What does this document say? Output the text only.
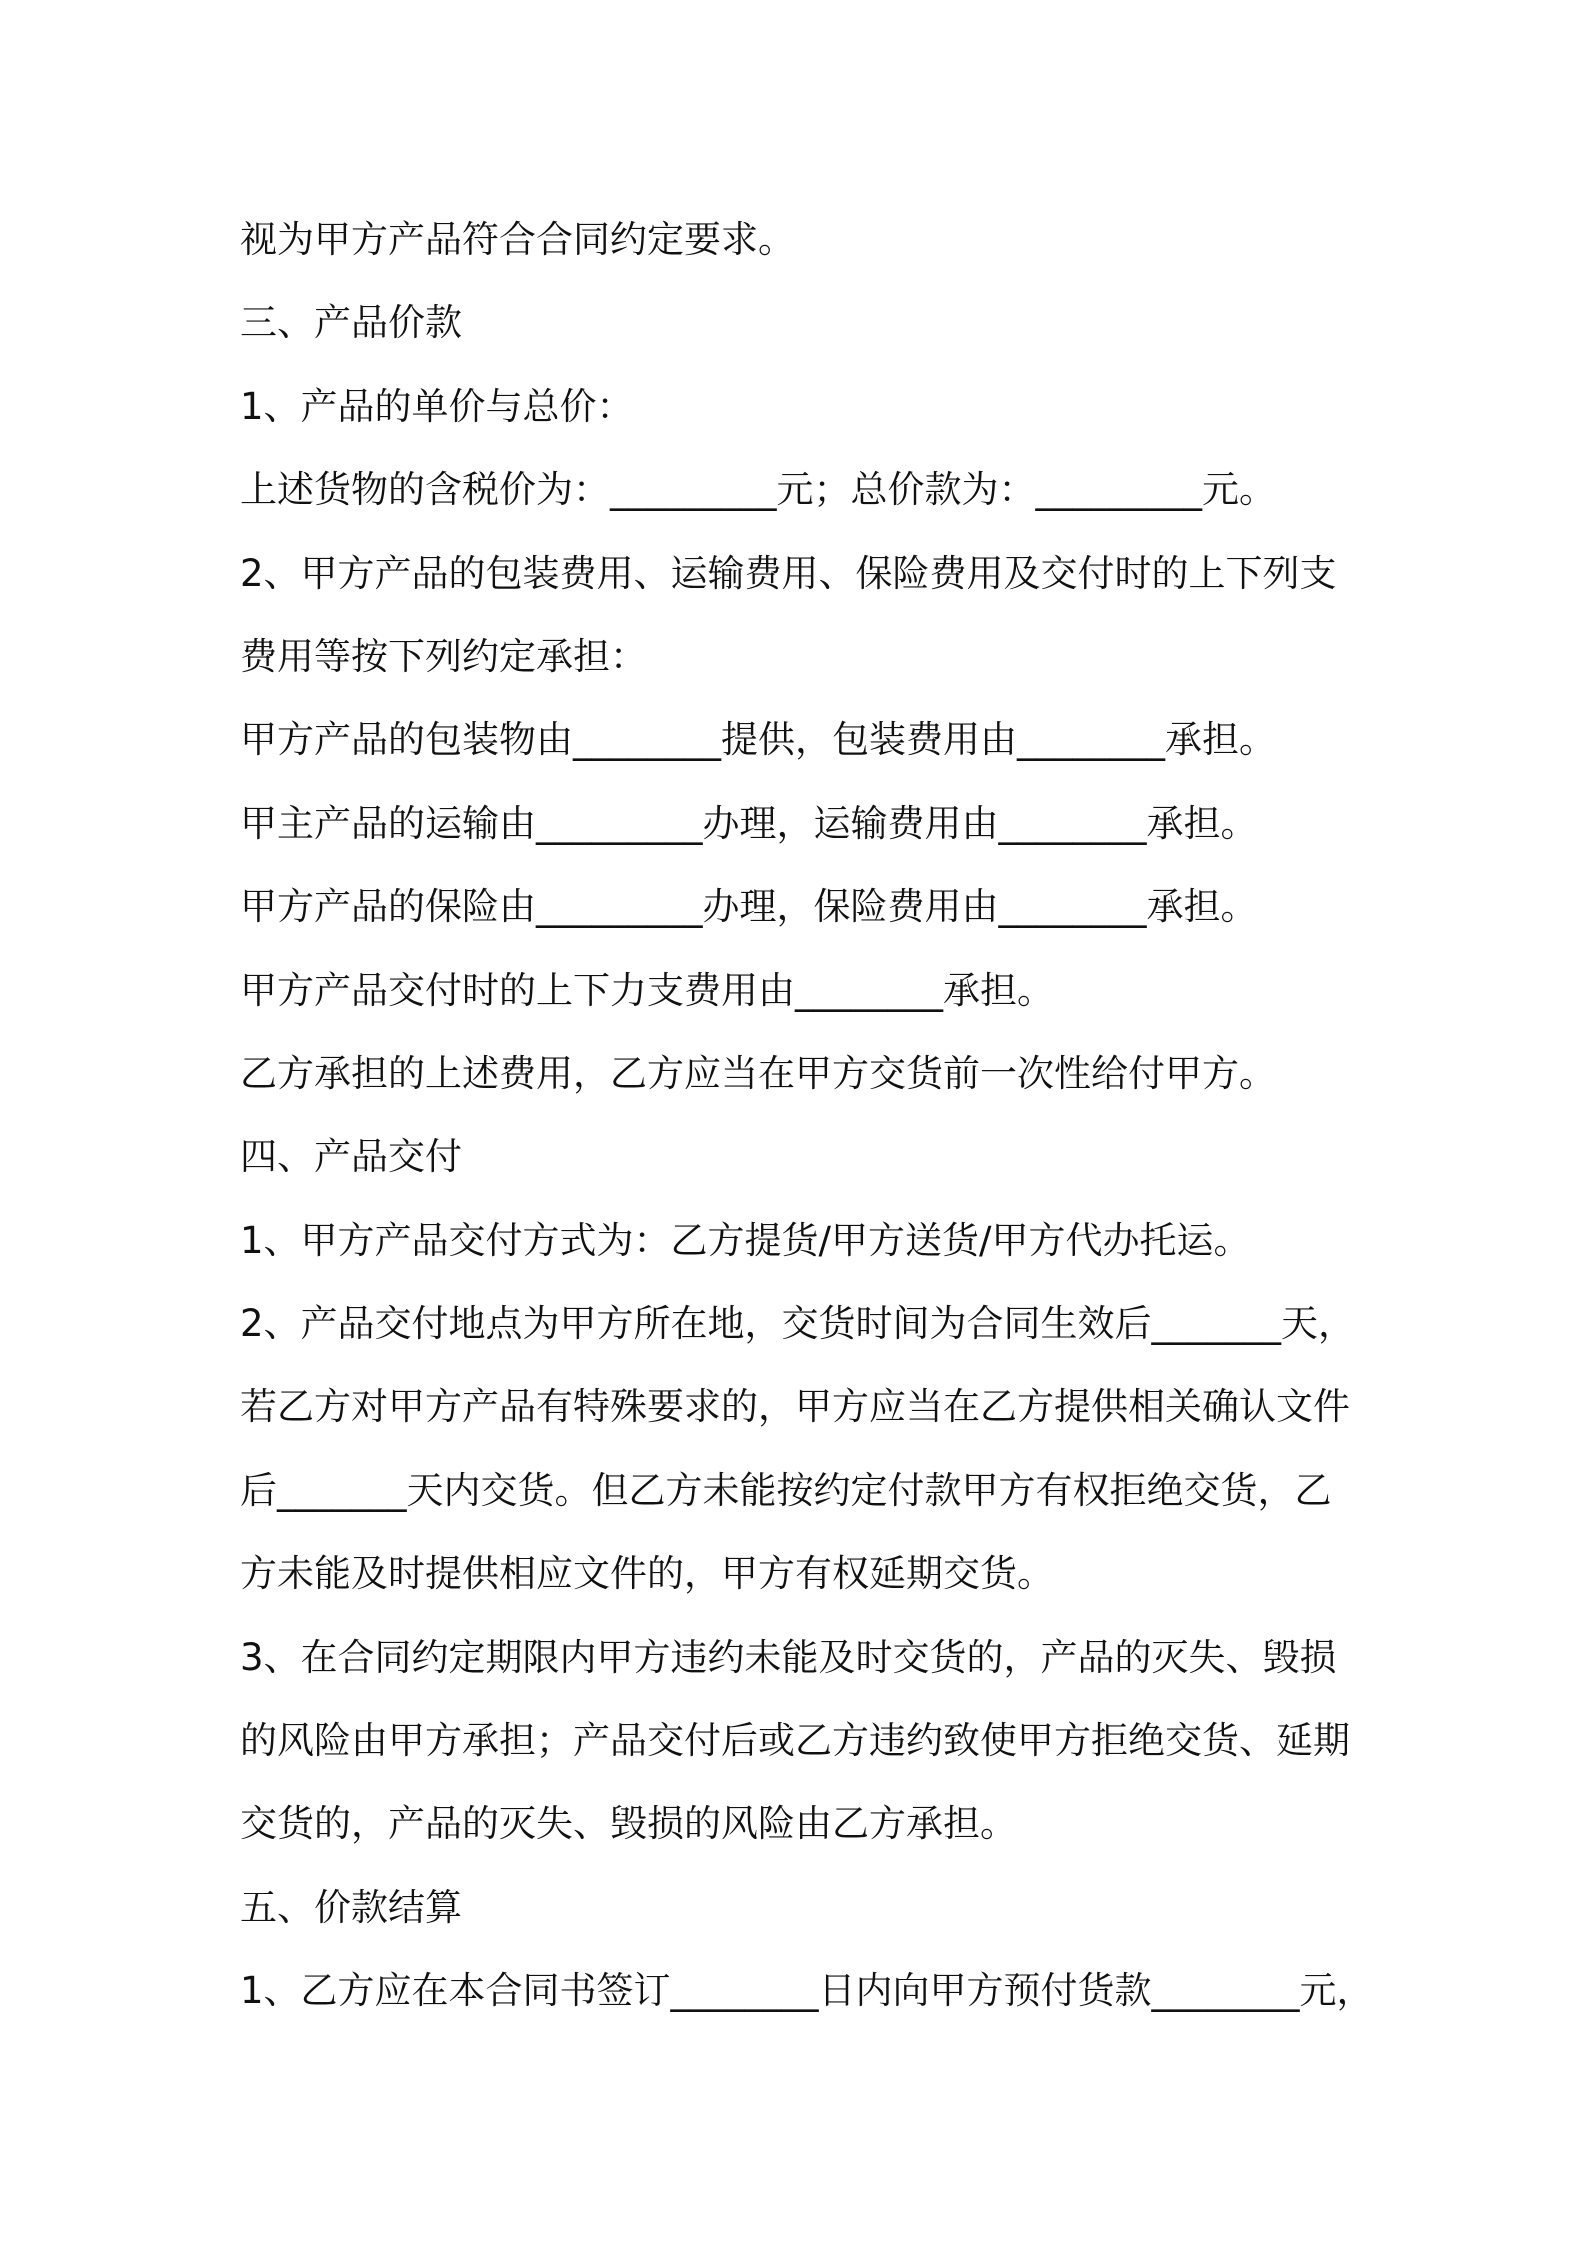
视为甲方产品符合合同约定要求。
三、产品价款
1、产品的单价与总价：
上述货物的含税价为：_________元；总价款为：_________元。
2、甲方产品的包装费用、运输费用、保险费用及交付时的上下列支
费用等按下列约定承担：
甲方产品的包装物由________提供，包装费用由________承担。
甲主产品的运输由_________办理，运输费用由________承担。
甲方产品的保险由_________办理，保险费用由________承担。
甲方产品交付时的上下力支费用由________承担。
乙方承担的上述费用，乙方应当在甲方交货前一次性给付甲方。
四、产品交付
1、甲方产品交付方式为：乙方提货/甲方送货/甲方代办托运。
2、产品交付地点为甲方所在地，交货时间为合同生效后_______天，
若乙方对甲方产品有特殊要求的，甲方应当在乙方提供相关确认文件
后_______天内交货。但乙方未能按约定付款甲方有权拒绝交货，乙
方未能及时提供相应文件的，甲方有权延期交货。
3、在合同约定期限内甲方违约未能及时交货的，产品的灭失、毁损
的风险由甲方承担；产品交付后或乙方违约致使甲方拒绝交货、延期
交货的，产品的灭失、毁损的风险由乙方承担。
五、价款结算
1、乙方应在本合同书签订________日内向甲方预付货款________元，
